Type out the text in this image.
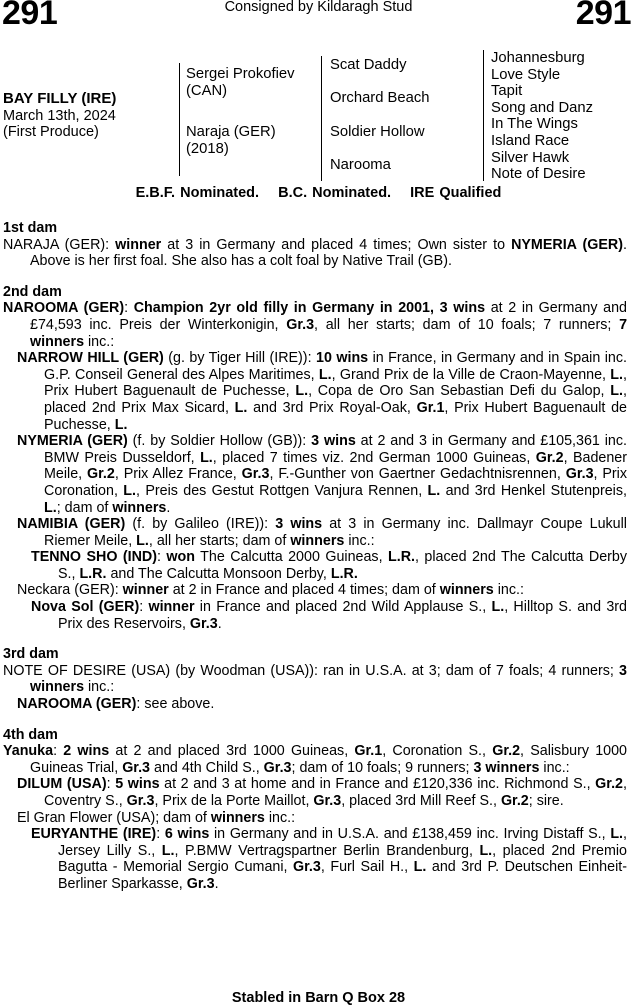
291	Consigned by Kildaragh Stud	291
BAY FILLY (IRE)
March 13th, 2024
(First Produce)
Sergei Prokofiev
(CAN)
Naraja (GER)
(2018)
Scat Daddy
Orchard Beach
Soldier Hollow
Narooma
Johannesburg
Love Style
Tapit
Song and Danz
In The Wings
Island Race
Silver Hawk
Note of Desire
E.B.F. Nominated. B.C. Nominated. IRE Qualified
1st dam
NARAJA (GER): winner at 3 in Germany and placed 4 times; Own sister to NYMERIA (GER). Above is her first foal. She also has a colt foal by Native Trail (GB).
2nd dam
NAROOMA (GER): Champion 2yr old filly in Germany in 2001, 3 wins at 2 in Germany and £74,593 inc. Preis der Winterkonigin, Gr.3, all her starts; dam of 10 foals; 7 runners; 7 winners inc.:
NARROW HILL (GER) (g. by Tiger Hill (IRE)): 10 wins in France, in Germany and in Spain inc. G.P. Conseil General des Alpes Maritimes, L., Grand Prix de la Ville de Craon-Mayenne, L., Prix Hubert Baguenault de Puchesse, L., Copa de Oro San Sebastian Defi du Galop, L., placed 2nd Prix Max Sicard, L. and 3rd Prix Royal-Oak, Gr.1, Prix Hubert Baguenault de Puchesse, L.
NYMERIA (GER) (f. by Soldier Hollow (GB)): 3 wins at 2 and 3 in Germany and £105,361 inc. BMW Preis Dusseldorf, L., placed 7 times viz. 2nd German 1000 Guineas, Gr.2, Badener Meile, Gr.2, Prix Allez France, Gr.3, F.-Gunther von Gaertner Gedachtnisrennen, Gr.3, Prix Coronation, L., Preis des Gestut Rottgen Vanjura Rennen, L. and 3rd Henkel Stutenpreis, L.; dam of winners.
NAMIBIA (GER) (f. by Galileo (IRE)): 3 wins at 3 in Germany inc. Dallmayr Coupe Lukull Riemer Meile, L., all her starts; dam of winners inc.:
TENNO SHO (IND): won The Calcutta 2000 Guineas, L.R., placed 2nd The Calcutta Derby S., L.R. and The Calcutta Monsoon Derby, L.R.
Neckara (GER): winner at 2 in France and placed 4 times; dam of winners inc.:
Nova Sol (GER): winner in France and placed 2nd Wild Applause S., L., Hilltop S. and 3rd Prix des Reservoirs, Gr.3.
3rd dam
NOTE OF DESIRE (USA) (by Woodman (USA)): ran in U.S.A. at 3; dam of 7 foals; 4 runners; 3 winners inc.:
NAROOMA (GER): see above.
4th dam
Yanuka: 2 wins at 2 and placed 3rd 1000 Guineas, Gr.1, Coronation S., Gr.2, Salisbury 1000 Guineas Trial, Gr.3 and 4th Child S., Gr.3; dam of 10 foals; 9 runners; 3 winners inc.:
DILUM (USA): 5 wins at 2 and 3 at home and in France and £120,336 inc. Richmond S., Gr.2, Coventry S., Gr.3, Prix de la Porte Maillot, Gr.3, placed 3rd Mill Reef S., Gr.2; sire.
El Gran Flower (USA); dam of winners inc.:
EURYANTHE (IRE): 6 wins in Germany and in U.S.A. and £138,459 inc. Irving Distaff S., L., Jersey Lilly S., L., P.BMW Vertragspartner Berlin Brandenburg, L., placed 2nd Premio Bagutta - Memorial Sergio Cumani, Gr.3, Furl Sail H., L. and 3rd P. Deutschen Einheit-Berliner Sparkasse, Gr.3.
Stabled in Barn Q Box 28
